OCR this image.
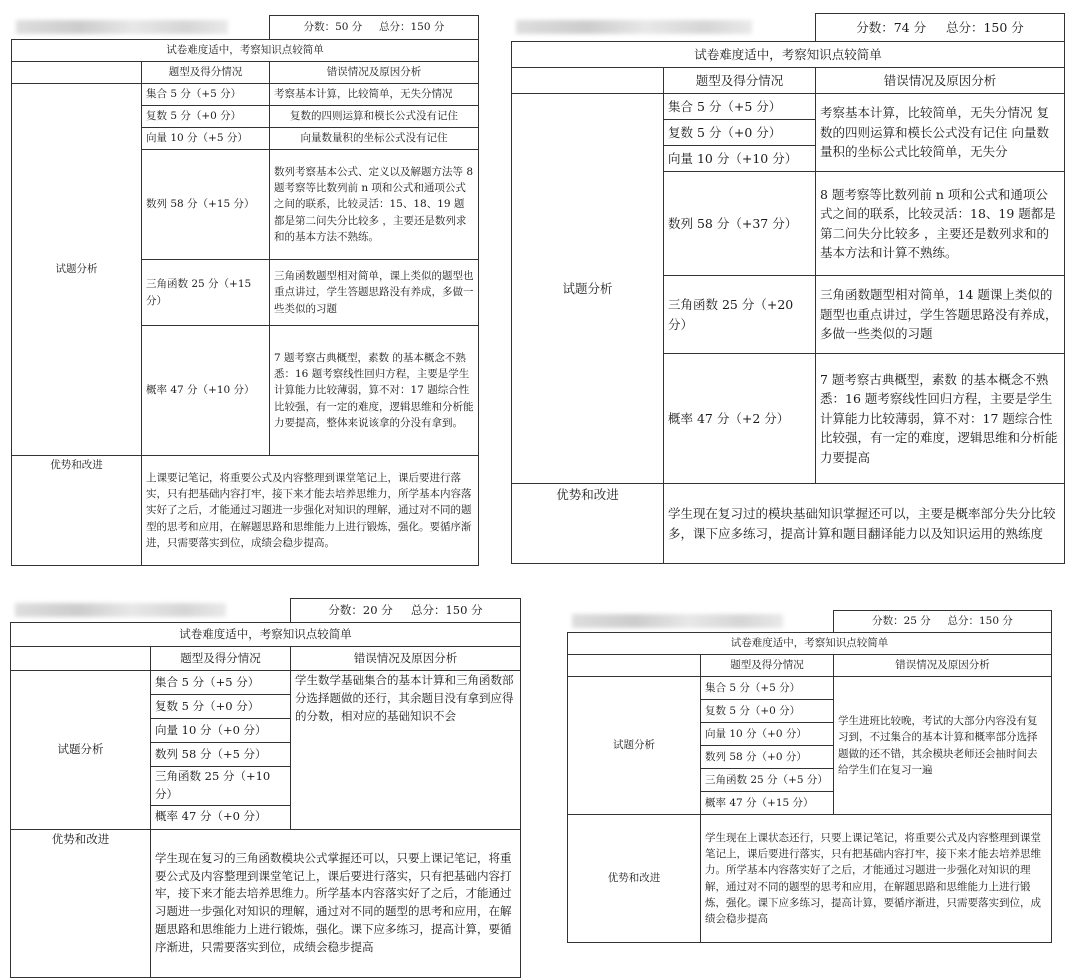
		分数：50 分     总分：150 分
试卷难度适中，考察知识点较简单		
	题型及得分情况	错误情况及原因分析
试题分析	集合 5 分（+5 分）	考察基本计算，比较简单，无失分情况
	复数 5 分（+0 分）	复数的四则运算和模长公式没有记住
	向量 10 分（+5 分）	向量数量积的坐标公式没有记住
	数列 58 分（+15 分）	数列考察基本公式、定义以及解题方法等 8 题考察等比数列前 n 项和公式和通项公式之间的联系，比较灵活：15、18、19 题都是第二问失分比较多 ，主要还是数列求和的基本方法不熟练。
	三角函数 25 分（+15 分）	三角函数题型相对简单，课上类似的题型也重点讲过，学生答题思路没有养成，多做一些类似的习题
	概率 47 分（+10 分）	7 题考察古典概型，素数 的基本概念不熟悉：16 题考察线性回归方程，主要是学生计算能力比较薄弱，算不对：17 题综合性比较强，有一定的难度，逻辑思维和分析能力要提高，整体来说该拿的分没有拿到。
优势和改进	上课要记笔记，将重要公式及内容整理到课堂笔记上，课后要进行落实，只有把基础内容打牢，接下来才能去培养思维力，所学基本内容落实好了之后，才能通过习题进一步强化对知识的理解，通过对不同的题型的思考和应用，在解题思路和思维能力上进行锻炼，强化。要循序渐进，只需要落实到位，成绩会稳步提高。	
		分数：74 分     总分：150 分
试卷难度适中，考察知识点较简单		
	题型及得分情况	错误情况及原因分析
试题分析	集合 5 分（+5 分）	考察基本计算，比较简单，无失分情况 复数的四则运算和模长公式没有记住 向量数量积的坐标公式比较简单，无失分
	复数 5 分（+0 分）	
	向量 10 分（+10 分）	
	数列 58 分（+37 分）	8 题考察等比数列前 n 项和公式和通项公式之间的联系，比较灵活：18、19 题都是第二问失分比较多 ，主要还是数列求和的基本方法和计算不熟练。
	三角函数 25 分（+20 分）	三角函数题型相对简单，14 题课上类似的题型也重点讲过，学生答题思路没有养成，多做一些类似的习题
	概率 47 分（+2 分）	7 题考察古典概型，素数 的基本概念不熟悉：16 题考察线性回归方程，主要是学生计算能力比较薄弱，算不对：17 题综合性比较强，有一定的难度，逻辑思维和分析能力要提高
优势和改进	学生现在复习过的模块基础知识掌握还可以，主要是概率部分失分比较多，课下应多练习，提高计算和题目翻译能力以及知识运用的熟练度	
		分数：20 分     总分：150 分
试卷难度适中，考察知识点较简单		
	题型及得分情况	错误情况及原因分析
试题分析	集合 5 分（+5 分）	学生数学基础集合的基本计算和三角函数部分选择题做的还行，其余题目没有拿到应得的分数，相对应的基础知识不会
	复数 5 分（+0 分）	
	向量 10 分（+0 分）	
	数列 58 分（+5 分）	
	三角函数 25 分（+10 分）	
	概率 47 分（+0 分）	
优势和改进	学生现在复习的三角函数模块公式掌握还可以，只要上课记笔记，将重要公式及内容整理到课堂笔记上，课后要进行落实，只有把基础内容打牢，接下来才能去培养思维力。所学基本内容落实好了之后，才能通过习题进一步强化对知识的理解，通过对不同的题型的思考和应用，在解题思路和思维能力上进行锻炼，强化。课下应多练习，提高计算，要循序渐进，只需要落实到位，成绩会稳步提高	
		分数：25 分     总分：150 分
试卷难度适中，考察知识点较简单		
	题型及得分情况	错误情况及原因分析
试题分析	集合 5 分（+5 分）	学生进班比较晚，考试的大部分内容没有复习到，不过集合的基本计算和概率部分选择题做的还不错，其余模块老师还会抽时间去给学生们在复习一遍
	复数 5 分（+0 分）	
	向量 10 分（+0 分）	
	数列 58 分（+0 分）	
	三角函数 25 分（+5 分）	
	概率 47 分（+15 分）	
优势和改进	学生现在上课状态还行，只要上课记笔记，将重要公式及内容整理到课堂笔记上，课后要进行落实，只有把基础内容打牢，接下来才能去培养思维力。所学基本内容落实好了之后，才能通过习题进一步强化对知识的理解，通过对不同的题型的思考和应用，在解题思路和思维能力上进行锻炼，强化。课下应多练习，提高计算，要循序渐进，只需要落实到位，成绩会稳步提高	
